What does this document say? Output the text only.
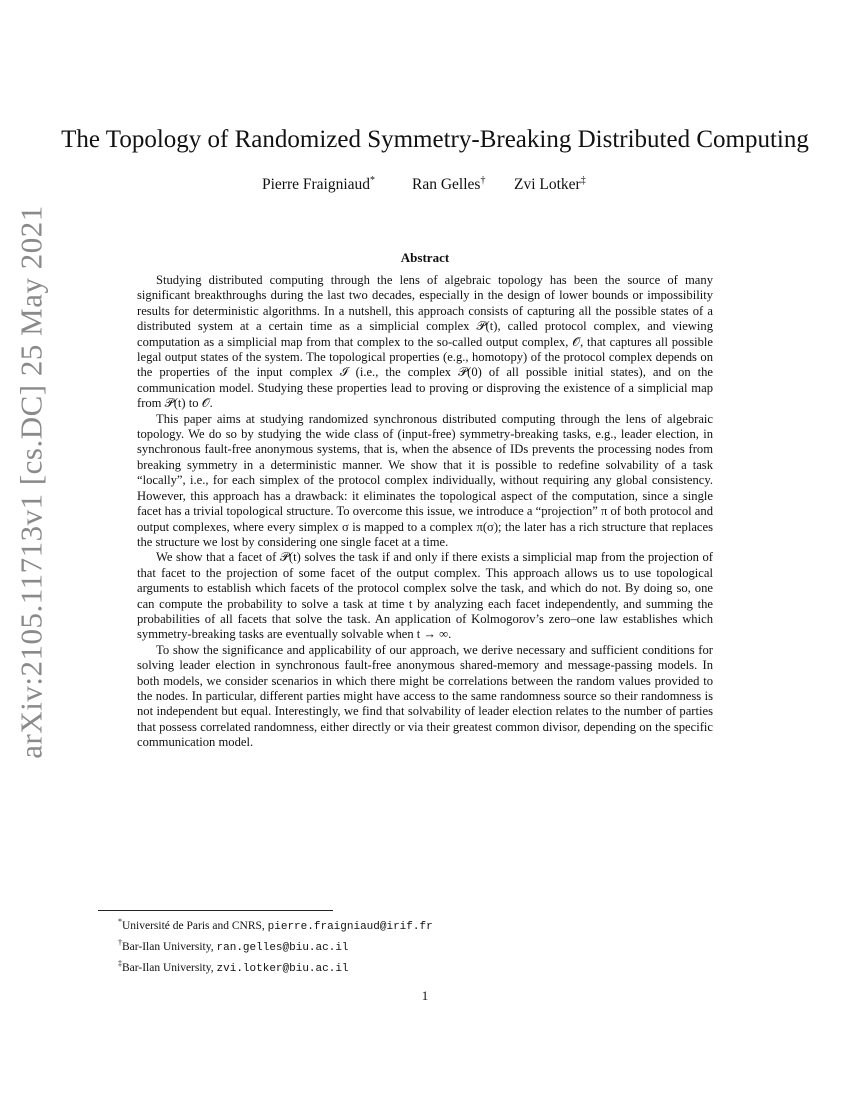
arXiv:2105.11713v1 [cs.DC] 25 May 2021
The Topology of Randomized Symmetry-Breaking Distributed Computing
Pierre Fraigniaud* Ran Gelles† Zvi Lotker‡
Abstract

Studying distributed computing through the lens of algebraic topology has been the source of many significant breakthroughs during the last two decades, especially in the design of lower bounds or impossibility results for deterministic algorithms. In a nutshell, this approach consists of capturing all the possible states of a distributed system at a certain time as a simplicial complex 𝒫(t), called protocol complex, and viewing computation as a simplicial map from that complex to the so-called output complex, 𝒪, that captures all possible legal output states of the system. The topological properties (e.g., homotopy) of the protocol complex depends on the properties of the input complex ℐ (i.e., the complex 𝒫(0) of all possible initial states), and on the communication model. Studying these properties lead to proving or disproving the existence of a simplicial map from 𝒫(t) to 𝒪.

This paper aims at studying randomized synchronous distributed computing through the lens of algebraic topology. We do so by studying the wide class of (input-free) symmetry-breaking tasks, e.g., leader election, in synchronous fault-free anonymous systems, that is, when the absence of IDs prevents the processing nodes from breaking symmetry in a deterministic manner. We show that it is possible to redefine solvability of a task “locally”, i.e., for each simplex of the protocol complex individually, without requiring any global consistency. However, this approach has a drawback: it eliminates the topological aspect of the computation, since a single facet has a trivial topological structure. To overcome this issue, we introduce a “projection” π of both protocol and output complexes, where every simplex σ is mapped to a complex π(σ); the later has a rich structure that replaces the structure we lost by considering one single facet at a time.

We show that a facet of 𝒫(t) solves the task if and only if there exists a simplicial map from the projection of that facet to the projection of some facet of the output complex. This approach allows us to use topological arguments to establish which facets of the protocol complex solve the task, and which do not. By doing so, one can compute the probability to solve a task at time t by analyzing each facet independently, and summing the probabilities of all facets that solve the task. An application of Kolmogorov’s zero–one law establishes which symmetry-breaking tasks are eventually solvable when t → ∞.

To show the significance and applicability of our approach, we derive necessary and sufficient conditions for solving leader election in synchronous fault-free anonymous shared-memory and message-passing models. In both models, we consider scenarios in which there might be correlations between the random values provided to the nodes. In particular, different parties might have access to the same randomness source so their randomness is not independent but equal. Interestingly, we find that solvability of leader election relates to the number of parties that possess correlated randomness, either directly or via their greatest common divisor, depending on the specific communication model.

*Université de Paris and CNRS, pierre.fraigniaud@irif.fr
†Bar-Ilan University, ran.gelles@biu.ac.il
‡Bar-Ilan University, zvi.lotker@biu.ac.il
1
